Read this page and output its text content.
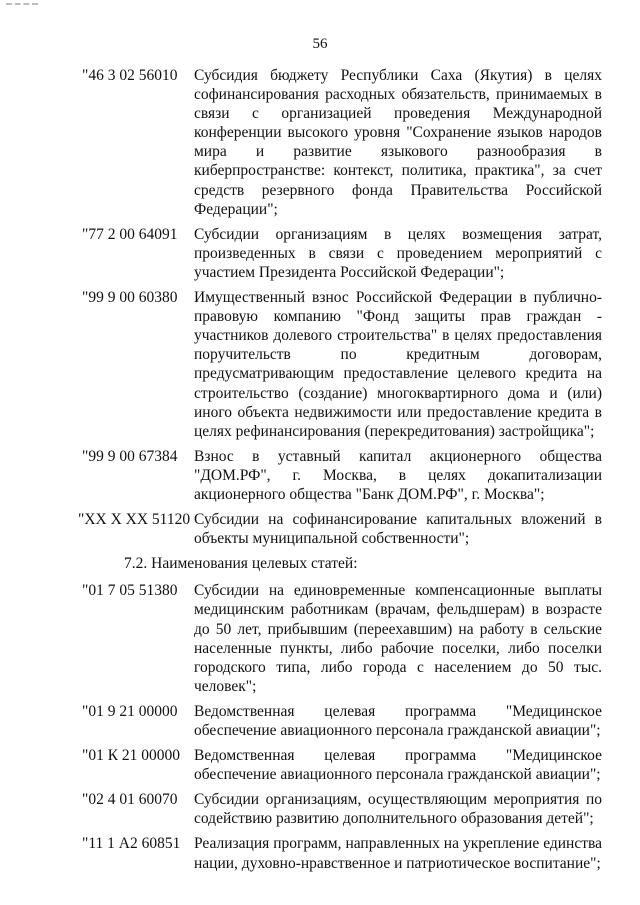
56
"46 3 02 56010	Субсидия бюджету Республики Саха (Якутия) в целях софинансирования расходных обязательств, принимаемых в связи с организацией проведения Международной конференции высокого уровня "Сохранение языков народов мира и развитие языкового разнообразия в киберпространстве: контекст, политика, практика", за счет средств резервного фонда Правительства Российской Федерации";
"77 2 00 64091	Субсидии организациям в целях возмещения затрат, произведенных в связи с проведением мероприятий с участием Президента Российской Федерации";
"99 9 00 60380	Имущественный взнос Российской Федерации в публично-правовую компанию "Фонд защиты прав граждан - участников долевого строительства" в целях предоставления поручительств по кредитным договорам, предусматривающим предоставление целевого кредита на строительство (создание) многоквартирного дома и (или) иного объекта недвижимости или предоставление кредита в целях рефинансирования (перекредитования) застройщика";
"99 9 00 67384	Взнос в уставный капитал акционерного общества "ДОМ.РФ", г. Москва, в целях докапитализации акционерного общества "Банк ДОМ.РФ", г. Москва";
"ХХ Х ХХ 51120 Субсидии на софинансирование капитальных вложений в объекты муниципальной собственности";
7.2. Наименования целевых статей:
"01 7 05 51380	Субсидии на единовременные компенсационные выплаты медицинским работникам (врачам, фельдшерам) в возрасте до 50 лет, прибывшим (переехавшим) на работу в сельские населенные пункты, либо рабочие поселки, либо поселки городского типа, либо города с населением до 50 тыс. человек";
"01 9 21 00000	Ведомственная целевая программа "Медицинское обеспечение авиационного персонала гражданской авиации";
"01 К 21 00000 Ведомственная целевая программа "Медицинское обеспечение авиационного персонала гражданской авиации";
"02 4 01 60070	Субсидии организациям, осуществляющим мероприятия по содействию развитию дополнительного образования детей";
"11 1 А2 60851 Реализация программ, направленных на укрепление единства нации, духовно-нравственное и патриотическое воспитание";
